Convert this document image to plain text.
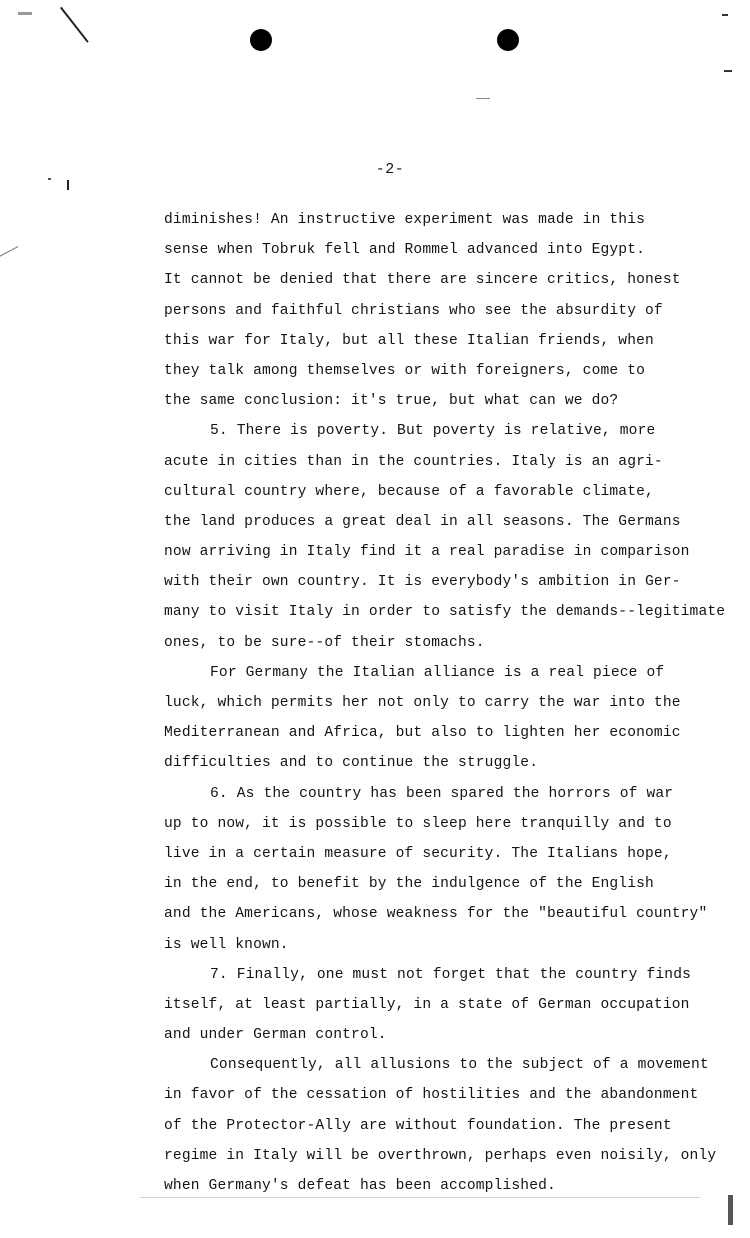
-2-
diminishes! An instructive experiment was made in this
sense when Tobruk fell and Rommel advanced into Egypt.
It cannot be denied that there are sincere critics, honest
persons and faithful christians who see the absurdity of
this war for Italy, but all these Italian friends, when
they talk among themselves or with foreigners, come to
the same conclusion: it's true, but what can we do?
5. There is poverty. But poverty is relative, more
acute in cities than in the countries. Italy is an agri-
cultural country where, because of a favorable climate,
the land produces a great deal in all seasons. The Germans
now arriving in Italy find it a real paradise in comparison
with their own country. It is everybody's ambition in Ger-
many to visit Italy in order to satisfy the demands--legitimate
ones, to be sure--of their stomachs.
For Germany the Italian alliance is a real piece of
luck, which permits her not only to carry the war into the
Mediterranean and Africa, but also to lighten her economic
difficulties and to continue the struggle.
6. As the country has been spared the horrors of war
up to now, it is possible to sleep here tranquilly and to
live in a certain measure of security. The Italians hope,
in the end, to benefit by the indulgence of the English
and the Americans, whose weakness for the "beautiful country"
is well known.
7. Finally, one must not forget that the country finds
itself, at least partially, in a state of German occupation
and under German control.
Consequently, all allusions to the subject of a movement
in favor of the cessation of hostilities and the abandonment
of the Protector-Ally are without foundation. The present
regime in Italy will be overthrown, perhaps even noisily, only
when Germany's defeat has been accomplished.
